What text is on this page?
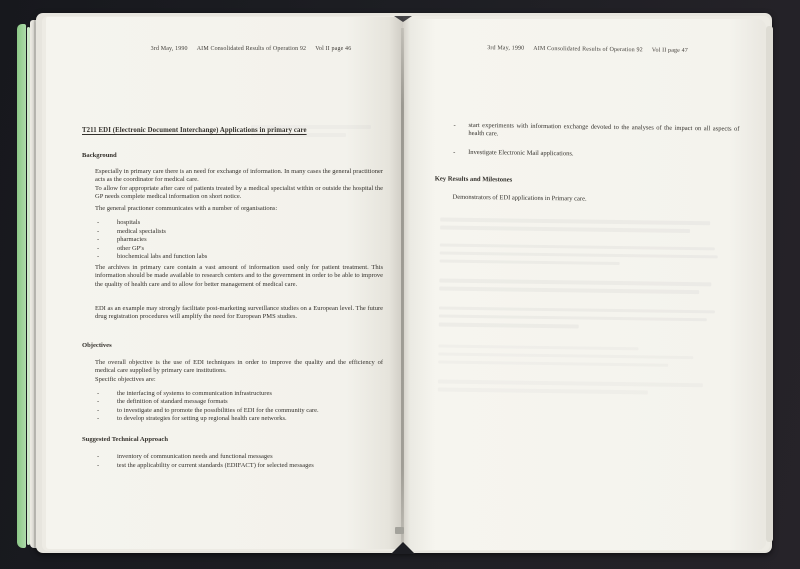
3rd May, 1990 AIM Consolidated Results of Operation 92 Vol II page 46
T211 EDI (Electronic Document Interchange) Applications in primary care
Background
Especially in primary care there is an need for exchange of information. In many cases the general practitioner acts as the coordinator for medical care.
To allow for appropriate after care of patients treated by a medical specialist within or outside the hospital the GP needs complete medical information on short notice.
The general practioner communicates with a number of organisations:
- hospitals
- medical specialists
- pharmacies
- other GP's
- biochemical labs and function labs
The archives in primary care contain a vast amount of information used only for patient treatment. This information should be made available to research centers and to the government in order to be able to improve the quality of health care and to allow for better management of medical care.
EDI as an example may strongly facilitate post-marketing surveillance studies on a European level. The future drug registration procedures will amplify the need for European PMS studies.
Objectives
The overall objective is the use of EDI techniques in order to improve the quality and the efficiency of medical care supplied by primary care institutions.
Specific objectives are:
- the interfacing of systems to communication infrastructures
- the definition of standard message formats
- to investigate and to promote the possibilities of EDI for the community care.
- to develop strategies for setting up regional health care networks.
Suggested Technical Approach
- inventory of communication needs and functional messages
- test the applicability or current standards (EDIFACT) for selected messages
3rd May, 1990 AIM Consolidated Results of Operation 92 Vol II page 47
- start experiments with information exchange devoted to the analyses of the impact on all aspects of health care.
- Investigate Electronic Mail applications.
Key Results and Milestones
Demonstrators of EDI applications in Primary care.
